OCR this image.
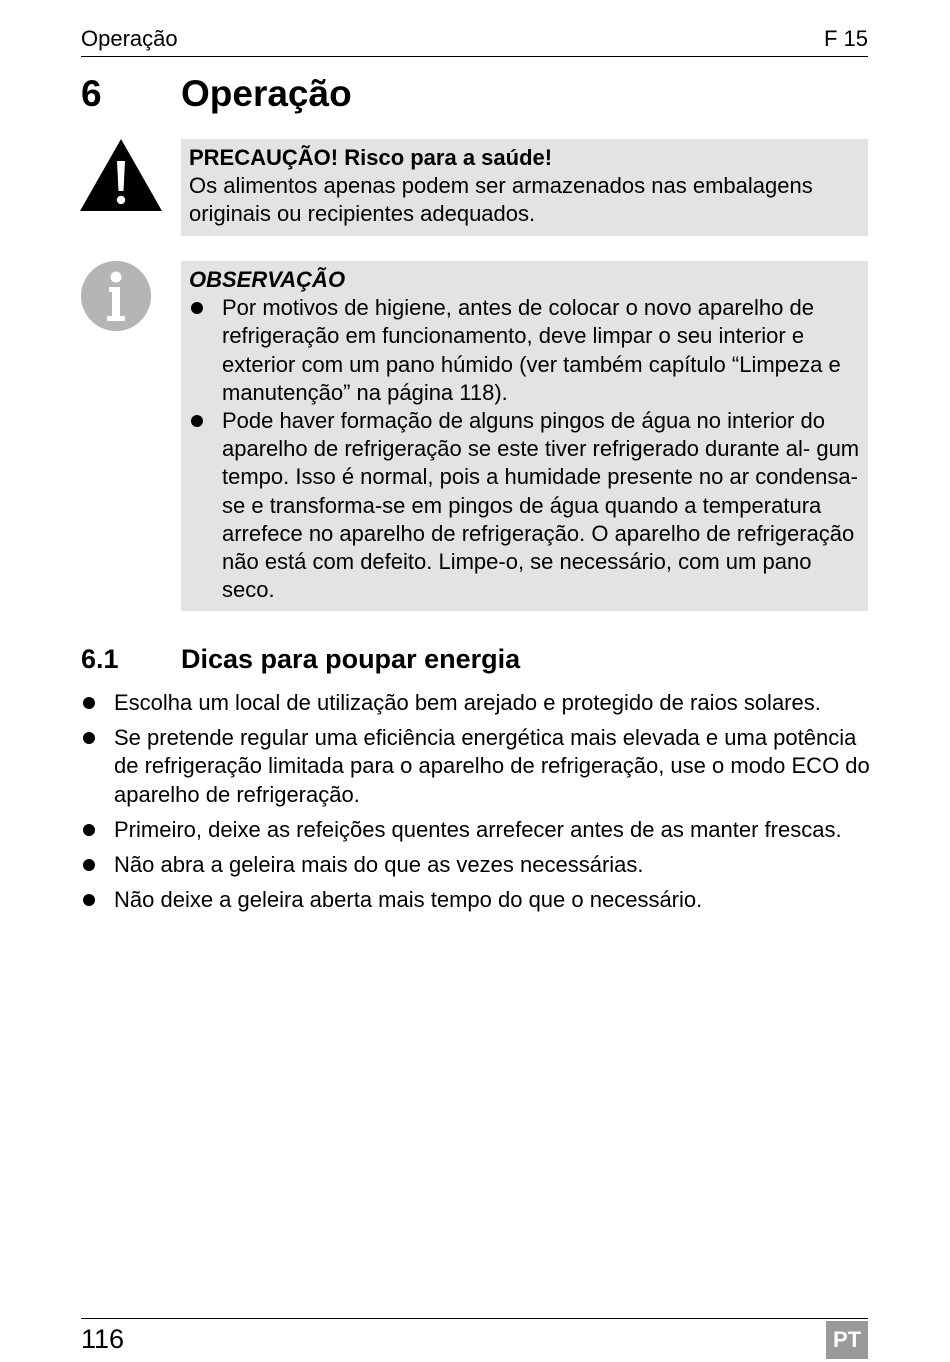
Operação	F 15
6 Operação
PRECAUÇÃO! Risco para a saúde!
Os alimentos apenas podem ser armazenados nas embalagens originais ou recipientes adequados.
OBSERVAÇÃO
Por motivos de higiene, antes de colocar o novo aparelho de refrigeração em funcionamento, deve limpar o seu interior e exterior com um pano húmido (ver também capítulo “Limpeza e manutenção” na página 118).
Pode haver formação de alguns pingos de água no interior do aparelho de refrigeração se este tiver refrigerado durante al- gum tempo. Isso é normal, pois a humidade presente no ar condensa-se e transforma-se em pingos de água quando a temperatura arrefece no aparelho de refrigeração. O aparelho de refrigeração não está com defeito. Limpe-o, se necessário, com um pano seco.
6.1 Dicas para poupar energia
Escolha um local de utilização bem arejado e protegido de raios solares.
Se pretende regular uma eficiência energética mais elevada e uma potência de refrigeração limitada para o aparelho de refrigeração, use o modo ECO do aparelho de refrigeração.
Primeiro, deixe as refeições quentes arrefecer antes de as manter frescas.
Não abra a geleira mais do que as vezes necessárias.
Não deixe a geleira aberta mais tempo do que o necessário.
116	PT
